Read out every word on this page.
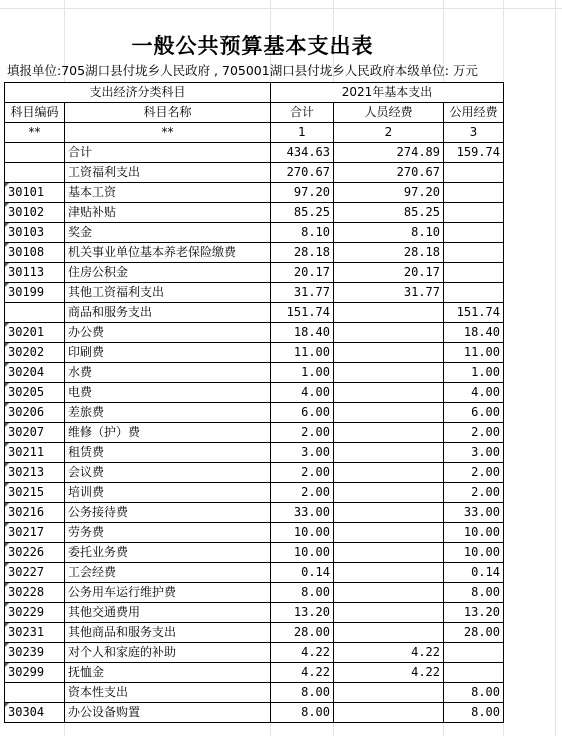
一般公共预算基本支出表
填报单位:705湖口县付垅乡人民政府 , 705001湖口县付垅乡人民政府本级单位: 万元
支出经济分类科目		2021年基本支出		
科目编码	科目名称	合计	人员经费	公用经费
**	**	1	2	3
	合计	434.63	274.89	159.74
	工资福利支出	270.67	270.67	

30101	基本工资	97.20	97.20	

30102	津贴补贴	85.25	85.25	

30103	奖金	8.10	8.10	

30108	机关事业单位基本养老保险缴费	28.18	28.18	

30113	住房公积金	20.17	20.17	

30199	其他工资福利支出	31.77	31.77	
	商品和服务支出	151.74		151.74

30201	办公费	18.40		18.40

30202	印刷费	11.00		11.00

30204	水费	1.00		1.00

30205	电费	4.00		4.00

30206	差旅费	6.00		6.00

30207	维修（护）费	2.00		2.00

30211	租赁费	3.00		3.00

30213	会议费	2.00		2.00

30215	培训费	2.00		2.00

30216	公务接待费	33.00		33.00

30217	劳务费	10.00		10.00

30226	委托业务费	10.00		10.00

30227	工会经费	0.14		0.14

30228	公务用车运行维护费	8.00		8.00

30229	其他交通费用	13.20		13.20

30231	其他商品和服务支出	28.00		28.00

30239	对个人和家庭的补助	4.22	4.22	

30299	抚恤金	4.22	4.22	
	资本性支出	8.00		8.00

30304	办公设备购置	8.00		8.00
